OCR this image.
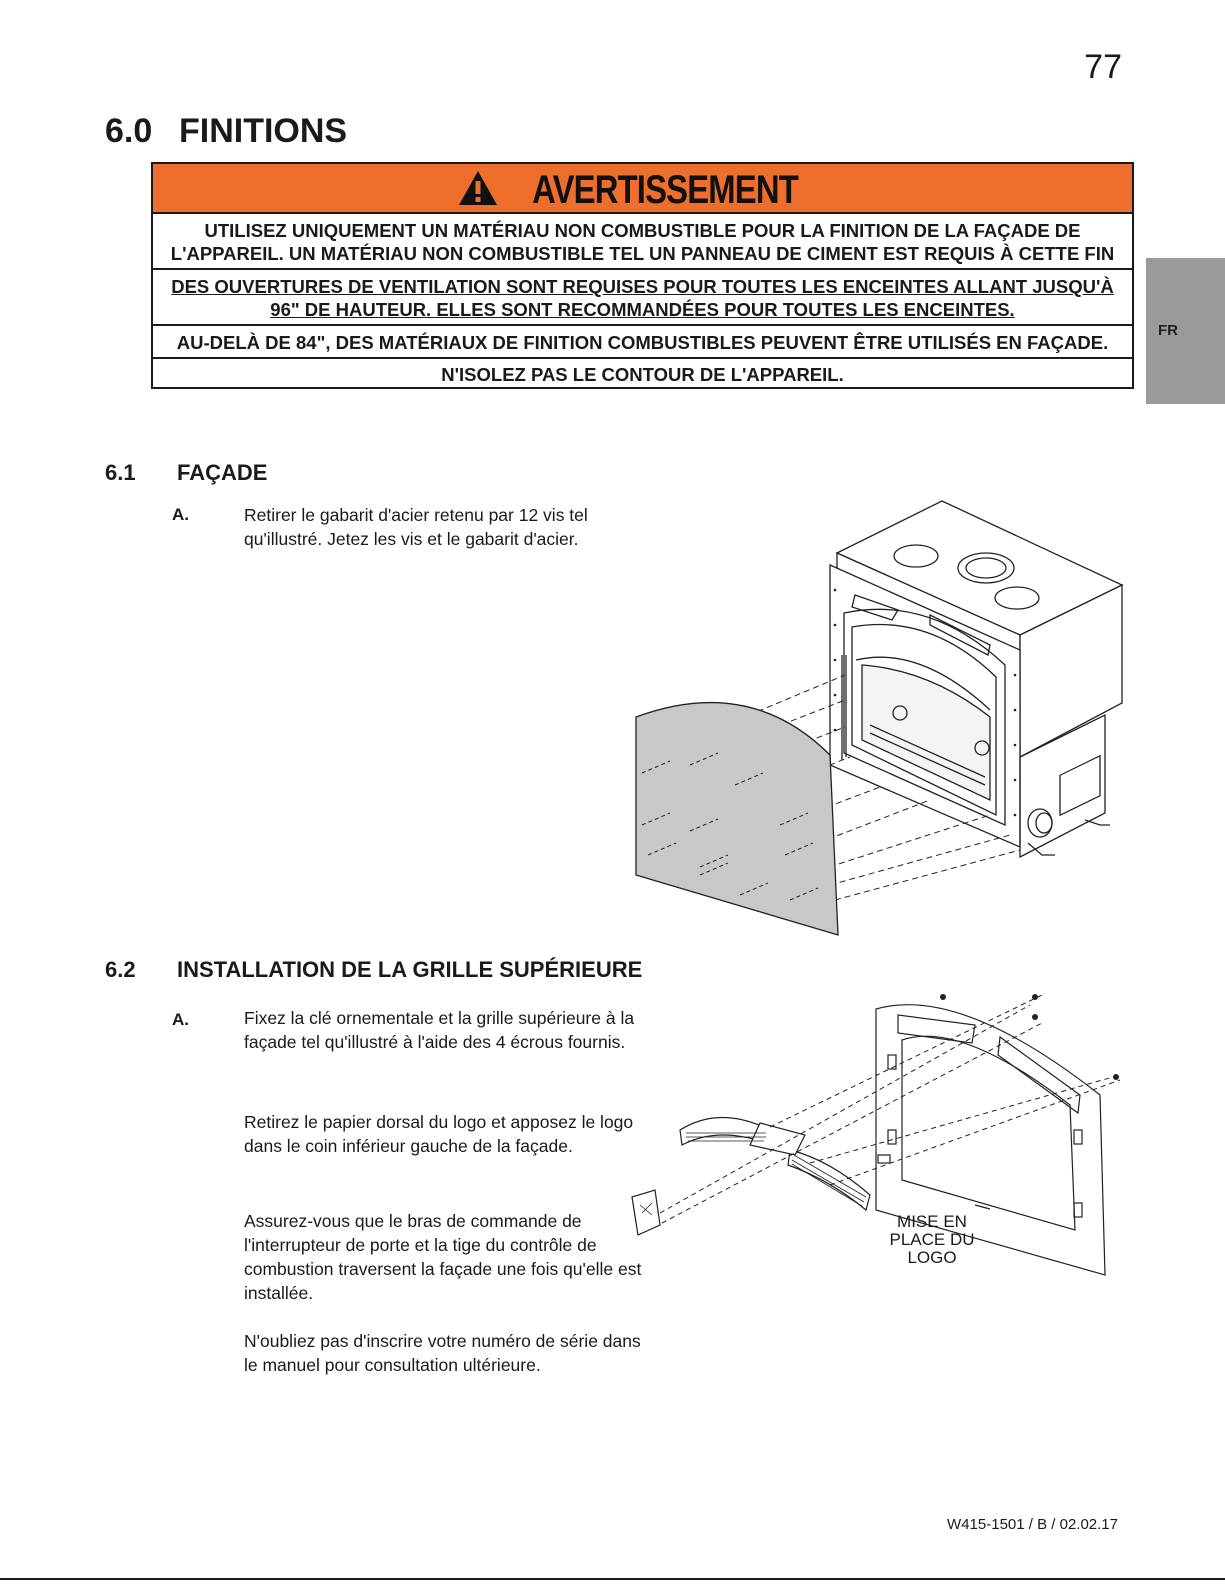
77
6.0 FINITIONS
FR
AVERTISSEMENT
UTILISEZ UNIQUEMENT UN MATÉRIAU NON COMBUSTIBLE POUR LA FINITION DE LA FAÇADE DE L'APPAREIL. UN MATÉRIAU NON COMBUSTIBLE TEL UN PANNEAU DE CIMENT EST REQUIS À CETTE FIN
DES OUVERTURES DE VENTILATION SONT REQUISES POUR TOUTES LES ENCEINTES ALLANT JUSQU'À 96" DE HAUTEUR. ELLES SONT RECOMMANDÉES POUR TOUTES LES ENCEINTES.
AU-DELÀ DE 84", DES MATÉRIAUX DE FINITION COMBUSTIBLES PEUVENT ÊTRE UTILISÉS EN FAÇADE.
N'ISOLEZ PAS LE CONTOUR DE L'APPAREIL.
6.1 FAÇADE
A.	Retirer le gabarit d'acier retenu par 12 vis tel qu'illustré. Jetez les vis et le gabarit d'acier.
6.2 INSTALLATION DE LA GRILLE SUPÉRIEURE
A.	Fixez la clé ornementale et la grille supérieure à la façade tel qu'illustré à l'aide des 4 écrous fournis.
Retirez le papier dorsal du logo et apposez le logo dans le coin inférieur gauche de la façade.
Assurez-vous que le bras de commande de l'interrupteur de porte et la tige du contrôle de combustion traversent la façade une fois qu'elle est installée.
N'oubliez pas d'inscrire votre numéro de série dans le manuel pour consultation ultérieure.
MISE EN
PLACE DU
LOGO
W415-1501 / B / 02.02.17
